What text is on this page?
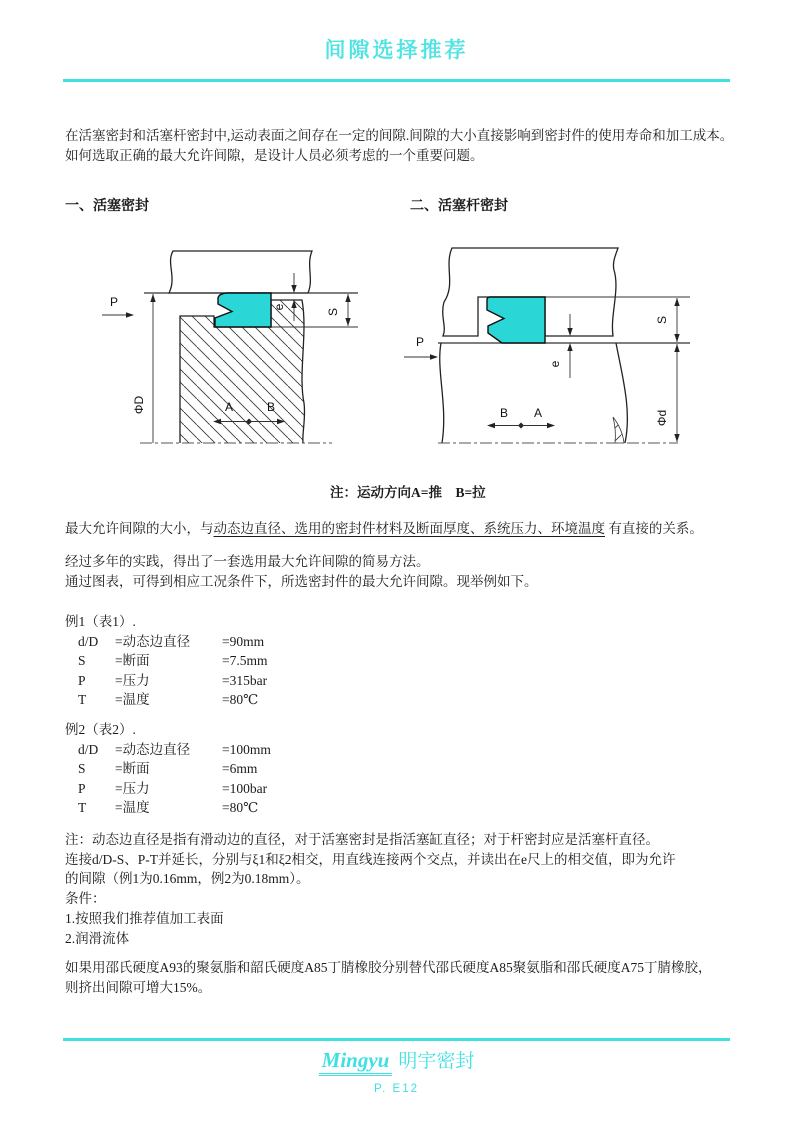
间隙选择推荐
在活塞密封和活塞杆密封中,运动表面之间存在一定的间隙.间隙的大小直接影响到密封件的使用寿命和加工成本。如何选取正确的最大允许间隙，是设计人员必须考虑的一个重要问题。
一、活塞密封	二、活塞杆密封
P	e
S
ΦD	A	B
P
S
Φd
e
B A
注：运动方向A=推　B=拉
最大允许间隙的大小，与动态边直径、选用的密封件材料及断面厚度、系统压力、环境温度 有直接的关系。
经过多年的实践，得出了一套选用最大允许间隙的简易方法。
通过图表，可得到相应工况条件下，所选密封件的最大允许间隙。现举例如下。
例1（表1）.
d/D	=动态边直径	=90mm
S	=断面	=7.5mm
P	=压力	=315bar
T	=温度	=80℃
例2（表2）.
d/D	=动态边直径	=100mm
S	=断面	=6mm
P	=压力	=100bar
T	=温度	=80℃
注：动态边直径是指有滑动边的直径，对于活塞密封是指活塞缸直径；对于杆密封应是活塞杆直径。
连接d/D-S、P-T并延长，分别与ξ1和ξ2相交，用直线连接两个交点，并读出在e尺上的相交值，即为允许
的间隙（例1为0.16mm，例2为0.18mm）。
条件：
1.按照我们推荐值加工表面
2.润滑流体
如果用邵氏硬度A93的聚氨脂和韶氏硬度A85丁腈橡胶分别替代邵氏硬度A85聚氨脂和邵氏硬度A75丁腈橡胶，
则挤出间隙可增大15%。
Mingyu 明宇密封
P. E12
